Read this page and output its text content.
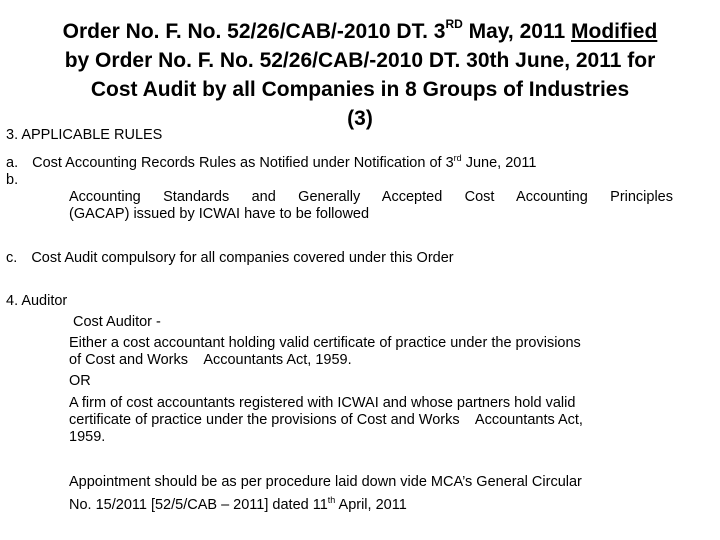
Order No. F. No. 52/26/CAB/-2010 DT. 3RD May, 2011 Modified
by Order No. F. No. 52/26/CAB/-2010 DT. 30th June, 2011 for
Cost Audit by all Companies in 8 Groups of Industries
(3)
3. APPLICABLE RULES
a. Cost Accounting Records Rules as Notified under Notification of 3rd June, 2011
b.
Accounting Standards and Generally Accepted Cost Accounting Principles
(GACAP) issued by ICWAI have to be followed
c. Cost Audit compulsory for all companies covered under this Order
4. Auditor
Cost Auditor -
Either a cost accountant holding valid certificate of practice under the provisions
of Cost and Works    Accountants Act, 1959.
OR
A firm of cost accountants registered with ICWAI and whose partners hold valid
certificate of practice under the provisions of Cost and Works    Accountants Act,
1959.
Appointment should be as per procedure laid down vide MCA’s General Circular
No. 15/2011 [52/5/CAB – 2011] dated 11th April, 2011
